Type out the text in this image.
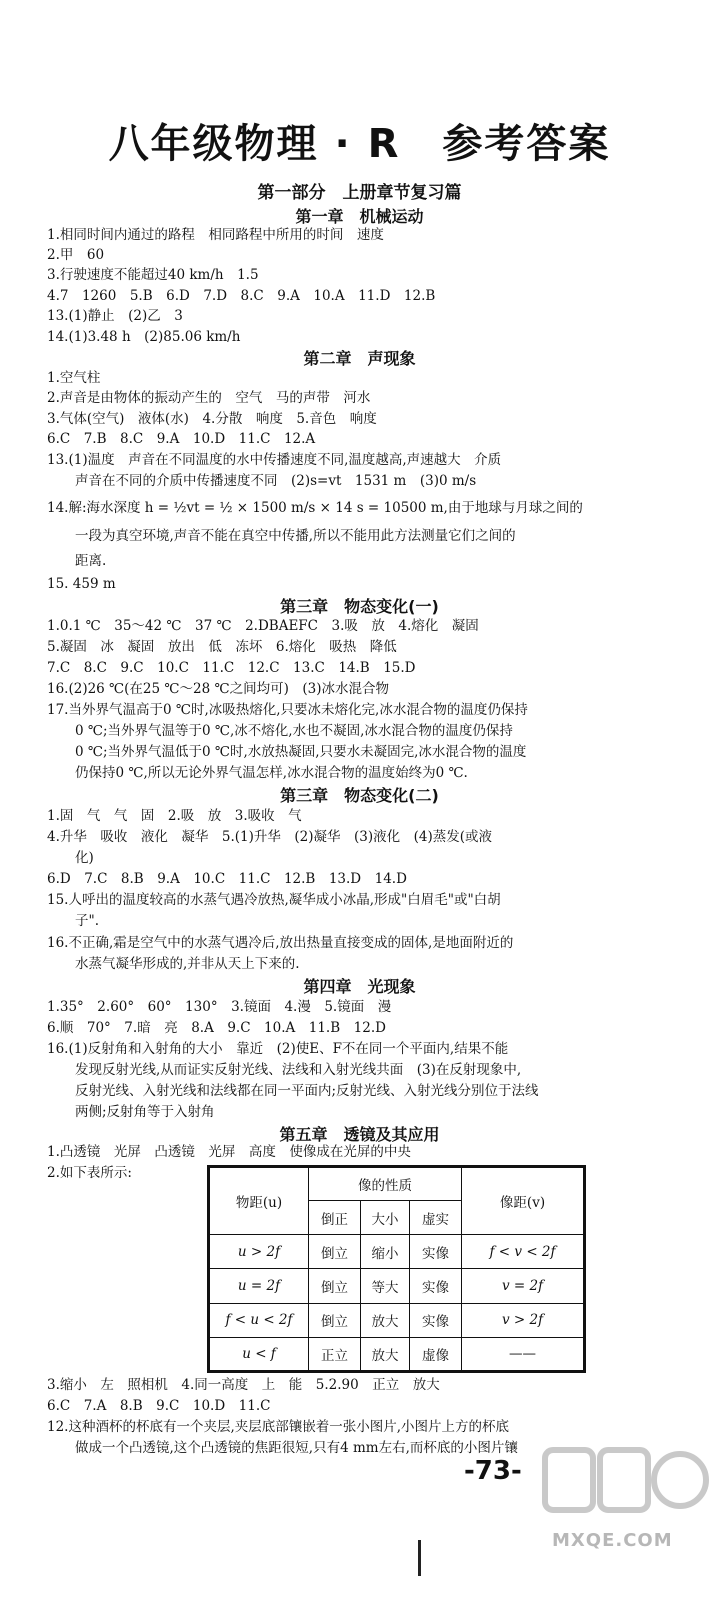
八年级物理 · R　参考答案
第一部分　上册章节复习篇
第一章　机械运动
1.相同时间内通过的路程　相同路程中所用的时间　速度
2.甲　60
3.行驶速度不能超过40 km/h　1.5
4.7　1260　5.B　6.D　7.D　8.C　9.A　10.A　11.D　12.B
13.(1)静止　(2)乙　3
14.(1)3.48 h　(2)85.06 km/h
第二章　声现象
1.空气柱
2.声音是由物体的振动产生的　空气　马的声带　河水
3.气体(空气)　液体(水)　4.分散　响度　5.音色　响度
6.C　7.B　8.C　9.A　10.D　11.C　12.A
13.(1)温度　声音在不同温度的水中传播速度不同,温度越高,声速越大　介质
声音在不同的介质中传播速度不同　(2)s=vt　1531 m　(3)0 m/s
14.解:海水深度 h = ½vt = ½ × 1500 m/s × 14 s = 10500 m,由于地球与月球之间的
一段为真空环境,声音不能在真空中传播,所以不能用此方法测量它们之间的
距离.
15. 459 m
第三章　物态变化(一)
1.0.1 ℃　35～42 ℃　37 ℃　2.DBAEFC　3.吸　放　4.熔化　凝固
5.凝固　冰　凝固　放出　低　冻坏　6.熔化　吸热　降低
7.C　8.C　9.C　10.C　11.C　12.C　13.C　14.B　15.D
16.(2)26 ℃(在25 ℃～28 ℃之间均可)　(3)冰水混合物
17.当外界气温高于0 ℃时,冰吸热熔化,只要冰未熔化完,冰水混合物的温度仍保持
0 ℃;当外界气温等于0 ℃,冰不熔化,水也不凝固,冰水混合物的温度仍保持
0 ℃;当外界气温低于0 ℃时,水放热凝固,只要水未凝固完,冰水混合物的温度
仍保持0 ℃,所以无论外界气温怎样,冰水混合物的温度始终为0 ℃.
第三章　物态变化(二)
1.固　气　气　固　2.吸　放　3.吸收　气
4.升华　吸收　液化　凝华　5.(1)升华　(2)凝华　(3)液化　(4)蒸发(或液
化)
6.D　7.C　8.B　9.A　10.C　11.C　12.B　13.D　14.D
15.人呼出的温度较高的水蒸气遇冷放热,凝华成小冰晶,形成"白眉毛"或"白胡
子".
16.不正确,霜是空气中的水蒸气遇冷后,放出热量直接变成的固体,是地面附近的
水蒸气凝华形成的,并非从天上下来的.
第四章　光现象
1.35°　2.60°　60°　130°　3.镜面　4.漫　5.镜面　漫
6.顺　70°　7.暗　亮　8.A　9.C　10.A　11.B　12.D
16.(1)反射角和入射角的大小　靠近　(2)使E、F不在同一个平面内,结果不能
发现反射光线,从而证实反射光线、法线和入射光线共面　(3)在反射现象中,
反射光线、入射光线和法线都在同一平面内;反射光线、入射光线分别位于法线
两侧;反射角等于入射角
第五章　透镜及其应用
1.凸透镜　光屏　凸透镜　光屏　高度　使像成在光屏的中央
2.如下表所示:
物距(u)	像的性质			像距(v)
	倒正	大小	虚实	
u > 2f	倒立	缩小	实像	f < v < 2f
u = 2f	倒立	等大	实像	v = 2f
f < u < 2f	倒立	放大	实像	v > 2f
u < f	正立	放大	虚像	——
3.缩小　左　照相机　4.同一高度　上　能　5.2.90　正立　放大
6.C　7.A　8.B　9.C　10.D　11.C
12.这种酒杯的杯底有一个夹层,夹层底部镶嵌着一张小图片,小图片上方的杯底
做成一个凸透镜,这个凸透镜的焦距很短,只有4 mm左右,而杯底的小图片镶
-73-
MXQE.COM
